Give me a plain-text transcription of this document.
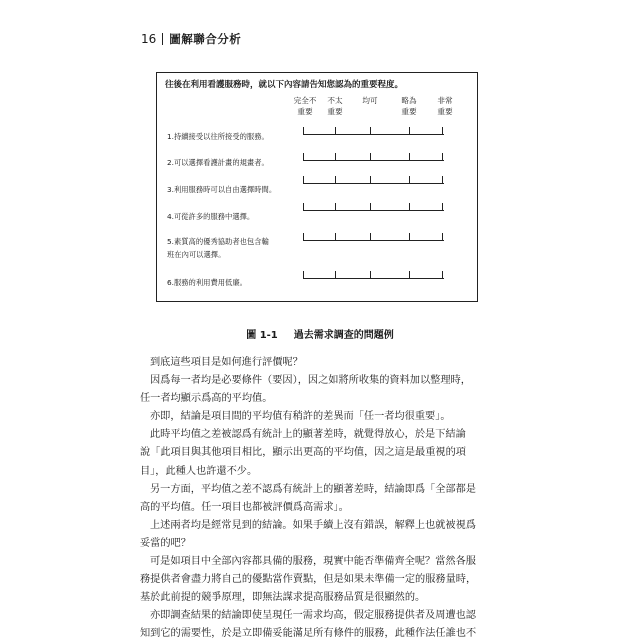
16 圖解聯合分析
往後在利用看護服務時，就以下內容請告知您認為的重要程度。
完全不
重要
不太
重要
均可	略為
重要
非常
重要
1.持續接受以往所接受的服務。
2.可以選擇看護計畫的規畫者。
3.利用服務時可以自由選擇時間。
4.可從許多的服務中選擇。
5.素質高的優秀協助者也包含輸
班在內可以選擇。
6.服務的利用費用低廉。
圖 1-1 過去需求調查的問題例

到底這些項目是如何進行評價呢？

因爲每一者均是必要條件（要因），因之如將所收集的資料加以整理時，

任一者均顯示爲高的平均值。

亦即，結論是項目間的平均值有稍許的差異而「任一者均很重要」。

此時平均值之差被認爲有統計上的顯著差時，就覺得放心，於是下結論

說「此項目與其他項目相比，顯示出更高的平均值，因之這是最重視的項

目」，此種人也許還不少。

另一方面，平均值之差不認爲有統計上的顯著差時，結論即爲「全部都是

高的平均值。任一項目也都被評價爲高需求」。

上述兩者均是經常見到的結論。如果手續上沒有錯誤，解釋上也就被視爲

妥當的吧？

可是如項目中全部內容都具備的服務，現實中能否準備齊全呢？當然各服

務提供者會盡力將自己的優點當作賣點，但是如果未準備一定的服務量時，

基於此前提的競爭原理，即無法謀求提高服務品質是很顯然的。

亦即調查結果的結論即使呈現任一需求均高，假定服務提供者及周遭也認

知到它的需要性，於是立即備妥能滿足所有條件的服務，此種作法任誰也不
